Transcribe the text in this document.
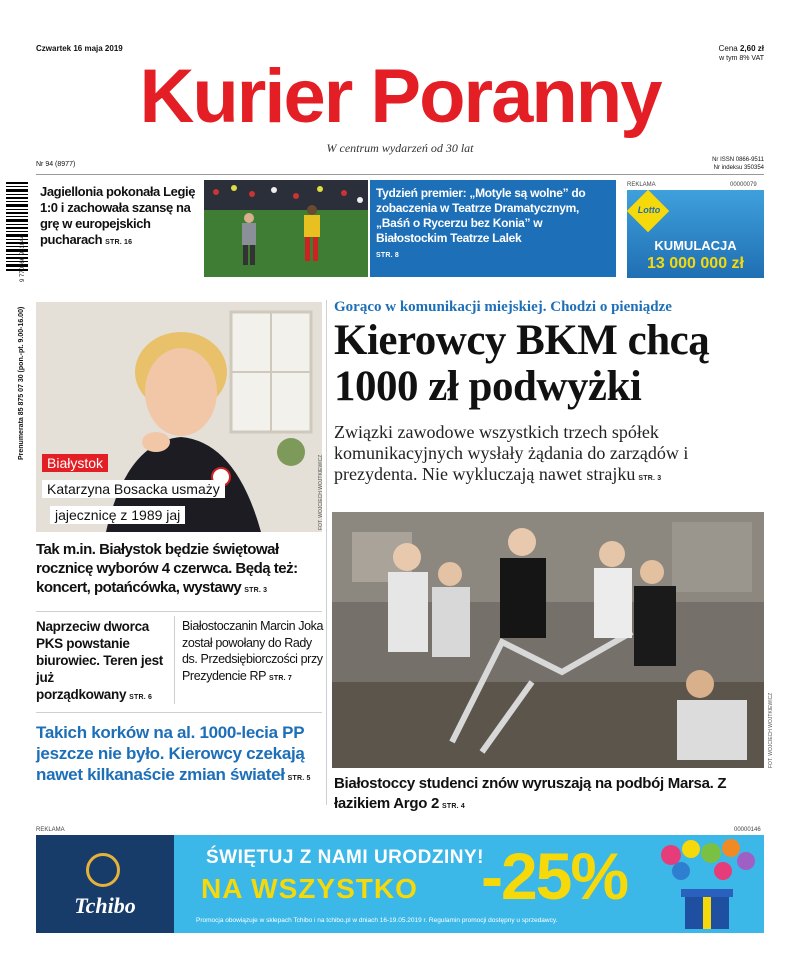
Czwartek 16 maja 2019	Cena 2,60 zł
w tym 8% VAT
Kurier Poranny
W centrum wydarzeń od 30 lat
Nr 94 (8977)
Nr ISSN 0866-9511
Nr indeksu 350354
9 770866 951044
Prenumerata 85 875 07 30 (pon.-pt. 9.00-16.00)
Jagiellonia pokonała Legię 1:0 i zachowała szansę na grę w europejskich pucharach STR. 16
Tydzień premier: „Motyle są wolne” do zobaczenia w Teatrze Dramatycznym, „Baśń o Rycerzu bez Konia” w Białostockim Teatrze Lalek
STR. 8
REKLAMA	00000079
Lotto
KUMULACJA
13 000 000 zł
Białystok
Katarzyna Bosacka usmaży
jajecznicę z 1989 jaj	FOT. WOJCIECH WOJTKIEWICZ
Gorąco w komunikacji miejskiej. Chodzi o pieniądze
Kierowcy BKM chcą
1000 zł podwyżki
Związki zawodowe wszystkich trzech spółek komunikacyjnych wysłały żądania do zarządów i prezydenta. Nie wykluczają nawet strajku STR. 3
FOT. WOJCIECH WOJTKIEWICZ
Białostoccy studenci znów wyruszają na podbój Marsa. Z łazikiem Argo 2 STR. 4
Tak m.in. Białystok będzie świętował rocznicę wyborów 4 czerwca. Będą też: koncert, potańcówka, wystawy STR. 3
Naprzeciw dworca PKS powstanie biurowiec. Teren jest już porządkowany STR. 6
Białostoczanin Marcin Joka został powołany do Rady ds. Przedsiębiorczości przy Prezydencie RP STR. 7
Takich korków na al. 1000-lecia PP jeszcze nie było. Kierowcy czekają nawet kilkanaście zmian świateł STR. 5
REKLAMA	00000146
Tchibo
ŚWIĘTUJ Z NAMI URODZINY!
NA WSZYSTKO -25%
Promocja obowiązuje w sklepach Tchibo i na tchibo.pl w dniach 16-19.05.2019 r. Regulamin promocji dostępny u sprzedawcy.
